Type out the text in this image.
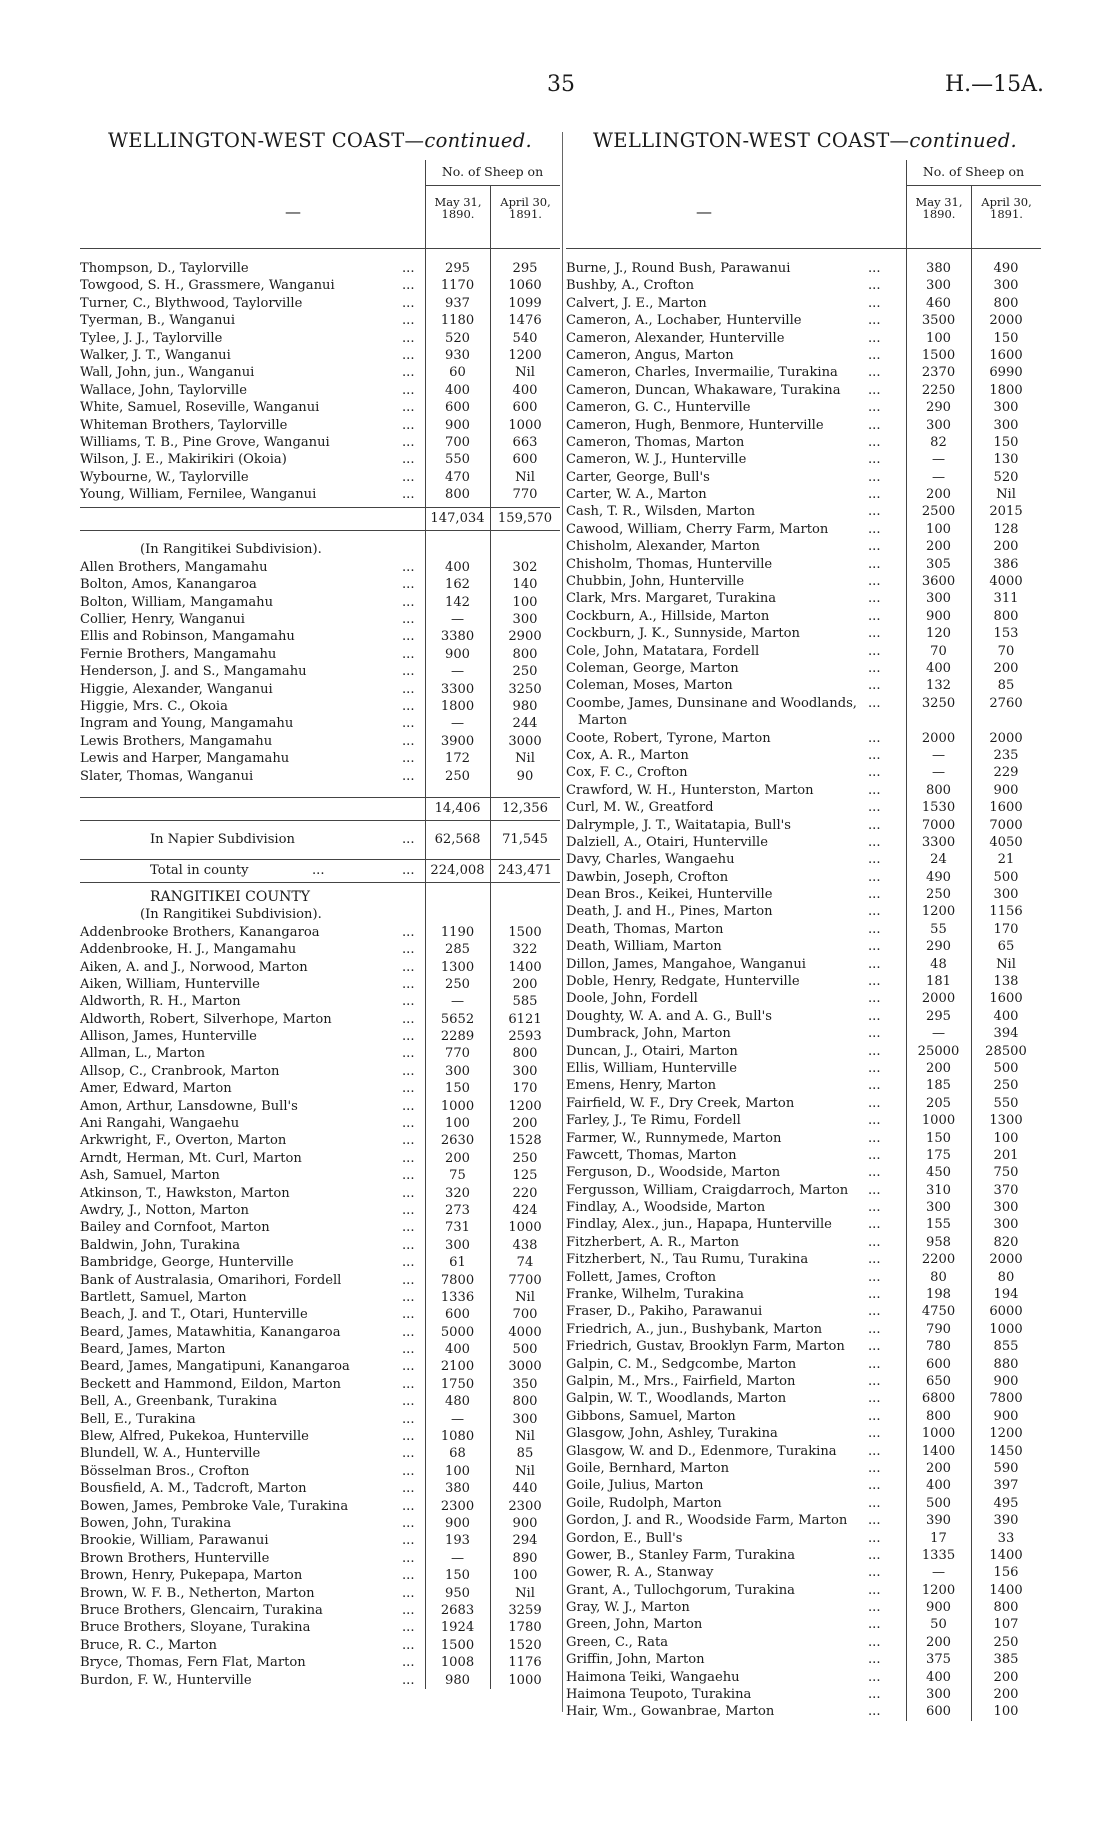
35	H.—15A.
WELLINGTON-WEST COAST—continued.
—
No. of Sheep on
May 31, 1890.
April 30, 1891.
Thompson, D., Taylorville	...	295	295
Towgood, S. H., Grassmere, Wanganui	...	1170	1060
Turner, C., Blythwood, Taylorville	...	937	1099
Tyerman, B., Wanganui	...	1180	1476
Tylee, J. J., Taylorville	...	520	540
Walker, J. T., Wanganui	...	930	1200
Wall, John, jun., Wanganui	...	60	Nil
Wallace, John, Taylorville	...	400	400
White, Samuel, Roseville, Wanganui	...	600	600
Whiteman Brothers, Taylorville	...	900	1000
Williams, T. B., Pine Grove, Wanganui	...	700	663
Wilson, J. E., Makirikiri (Okoia)	...	550	600
Wybourne, W., Taylorville	...	470	Nil
Young, William, Fernilee, Wanganui	...	800	770
147,034	159,570
(In Rangitikei Subdivision).
Allen Brothers, Mangamahu	...	400	302
Bolton, Amos, Kanangaroa	...	162	140
Bolton, William, Mangamahu	...	142	100
Collier, Henry, Wanganui	...	—	300
Ellis and Robinson, Mangamahu	...	3380	2900
Fernie Brothers, Mangamahu	...	900	800
Henderson, J. and S., Mangamahu	...	—	250
Higgie, Alexander, Wanganui	...	3300	3250
Higgie, Mrs. C., Okoia	...	1800	980
Ingram and Young, Mangamahu	...	—	244
Lewis Brothers, Mangamahu	...	3900	3000
Lewis and Harper, Mangamahu	...	172	Nil
Slater, Thomas, Wanganui	...	250	90
14,406	12,356
In Napier Subdivision	...	62,568	71,545
Total in county	224,008	243,471
...	...
RANGITIKEI COUNTY
(In Rangitikei Subdivision).
Addenbrooke Brothers, Kanangaroa	...	1190	1500
Addenbrooke, H. J., Mangamahu	...	285	322
Aiken, A. and J., Norwood, Marton	...	1300	1400
Aiken, William, Hunterville	...	250	200
Aldworth, R. H., Marton	...	—	585
Aldworth, Robert, Silverhope, Marton	...	5652	6121
Allison, James, Hunterville	...	2289	2593
Allman, L., Marton	...	770	800
Allsop, C., Cranbrook, Marton	...	300	300
Amer, Edward, Marton	...	150	170
Amon, Arthur, Lansdowne, Bull's	...	1000	1200
Ani Rangahi, Wangaehu	...	100	200
Arkwright, F., Overton, Marton	...	2630	1528
Arndt, Herman, Mt. Curl, Marton	...	200	250
Ash, Samuel, Marton	...	75	125
Atkinson, T., Hawkston, Marton	...	320	220
Awdry, J., Notton, Marton	...	273	424
Bailey and Cornfoot, Marton	...	731	1000
Baldwin, John, Turakina	...	300	438
Bambridge, George, Hunterville	...	61	74
Bank of Australasia, Omarihori, Fordell	...	7800	7700
Bartlett, Samuel, Marton	...	1336	Nil
Beach, J. and T., Otari, Hunterville	...	600	700
Beard, James, Matawhitia, Kanangaroa	...	5000	4000
Beard, James, Marton	...	400	500
Beard, James, Mangatipuni, Kanangaroa	...	2100	3000
Beckett and Hammond, Eildon, Marton	...	1750	350
Bell, A., Greenbank, Turakina	...	480	800
Bell, E., Turakina	...	—	300
Blew, Alfred, Pukekoa, Hunterville	...	1080	Nil
Blundell, W. A., Hunterville	...	68	85
Bösselman Bros., Crofton	...	100	Nil
Bousfield, A. M., Tadcroft, Marton	...	380	440
Bowen, James, Pembroke Vale, Turakina	...	2300	2300
Bowen, John, Turakina	...	900	900
Brookie, William, Parawanui	...	193	294
Brown Brothers, Hunterville	...	—	890
Brown, Henry, Pukepapa, Marton	...	150	100
Brown, W. F. B., Netherton, Marton	...	950	Nil
Bruce Brothers, Glencairn, Turakina	...	2683	3259
Bruce Brothers, Sloyane, Turakina	...	1924	1780
Bruce, R. C., Marton	...	1500	1520
Bryce, Thomas, Fern Flat, Marton	...	1008	1176
Burdon, F. W., Hunterville	...	980	1000
WELLINGTON-WEST COAST—continued.
—
No. of Sheep on
May 31, 1890.
April 30, 1891.
Burne, J., Round Bush, Parawanui	...	380	490
Bushby, A., Crofton	...	300	300
Calvert, J. E., Marton	...	460	800
Cameron, A., Lochaber, Hunterville	...	3500	2000
Cameron, Alexander, Hunterville	...	100	150
Cameron, Angus, Marton	...	1500	1600
Cameron, Charles, Invermailie, Turakina ...	2370	6990
Cameron, Duncan, Whakaware, Turakina ...	2250	1800
Cameron, G. C., Hunterville	...	290	300
Cameron, Hugh, Benmore, Hunterville	...	300	300
Cameron, Thomas, Marton	...	82	150
Cameron, W. J., Hunterville	...	—	130
Carter, George, Bull's	...	—	520
Carter, W. A., Marton	...	200	Nil
Cash, T. R., Wilsden, Marton	...	2500	2015
Cawood, William, Cherry Farm, Marton	...	100	128
Chisholm, Alexander, Marton	...	200	200
Chisholm, Thomas, Hunterville	...	305	386
Chubbin, John, Hunterville	...	3600	4000
Clark, Mrs. Margaret, Turakina	...	300	311
Cockburn, A., Hillside, Marton	...	900	800
Cockburn, J. K., Sunnyside, Marton	...	120	153
Cole, John, Matatara, Fordell	...	70	70
Coleman, George, Marton	...	400	200
Coleman, Moses, Marton	...	132	85
Coombe, James, Dunsinane and Woodlands, ...	3250	2760
Marton
Coote, Robert, Tyrone, Marton	...	2000	2000
Cox, A. R., Marton	...	—	235
Cox, F. C., Crofton	...	—	229
Crawford, W. H., Hunterston, Marton	...	800	900
Curl, M. W., Greatford	...	1530	1600
Dalrymple, J. T., Waitatapia, Bull's	...	7000	7000
Dalziell, A., Otairi, Hunterville	...	3300	4050
Davy, Charles, Wangaehu	...	24	21
Dawbin, Joseph, Crofton	...	490	500
Dean Bros., Keikei, Hunterville	...	250	300
Death, J. and H., Pines, Marton	...	1200	1156
Death, Thomas, Marton	...	55	170
Death, William, Marton	...	290	65
Dillon, James, Mangahoe, Wanganui	...	48	Nil
Doble, Henry, Redgate, Hunterville	...	181	138
Doole, John, Fordell	...	2000	1600
Doughty, W. A. and A. G., Bull's	...	295	400
Dumbrack, John, Marton	...	—	394
Duncan, J., Otairi, Marton	...	25000	28500
Ellis, William, Hunterville	...	200	500
Emens, Henry, Marton	...	185	250
Fairfield, W. F., Dry Creek, Marton	...	205	550
Farley, J., Te Rimu, Fordell	...	1000	1300
Farmer, W., Runnymede, Marton	...	150	100
Fawcett, Thomas, Marton	...	175	201
Ferguson, D., Woodside, Marton	...	450	750
Fergusson, William, Craigdarroch, Marton ...	310	370
Findlay, A., Woodside, Marton	...	300	300
Findlay, Alex., jun., Hapapa, Hunterville	...	155	300
Fitzherbert, A. R., Marton	...	958	820
Fitzherbert, N., Tau Rumu, Turakina	...	2200	2000
Follett, James, Crofton	...	80	80
Franke, Wilhelm, Turakina	...	198	194
Fraser, D., Pakiho, Parawanui	...	4750	6000
Friedrich, A., jun., Bushybank, Marton	...	790	1000
Friedrich, Gustav, Brooklyn Farm, Marton ...	780	855
Galpin, C. M., Sedgcombe, Marton	...	600	880
Galpin, M., Mrs., Fairfield, Marton	...	650	900
Galpin, W. T., Woodlands, Marton	...	6800	7800
Gibbons, Samuel, Marton	...	800	900
Glasgow, John, Ashley, Turakina	...	1000	1200
Glasgow, W. and D., Edenmore, Turakina ...	1400	1450
Goile, Bernhard, Marton	...	200	590
Goile, Julius, Marton	...	400	397
Goile, Rudolph, Marton	...	500	495
Gordon, J. and R., Woodside Farm, Marton ...	390	390
Gordon, E., Bull's	...	17	33
Gower, B., Stanley Farm, Turakina	...	1335	1400
Gower, R. A., Stanway	...	—	156
Grant, A., Tullochgorum, Turakina	...	1200	1400
Gray, W. J., Marton	...	900	800
Green, John, Marton	...	50	107
Green, C., Rata	...	200	250
Griffin, John, Marton	...	375	385
Haimona Teiki, Wangaehu	...	400	200
Haimona Teupoto, Turakina	...	300	200
Hair, Wm., Gowanbrae, Marton	...	600	100
